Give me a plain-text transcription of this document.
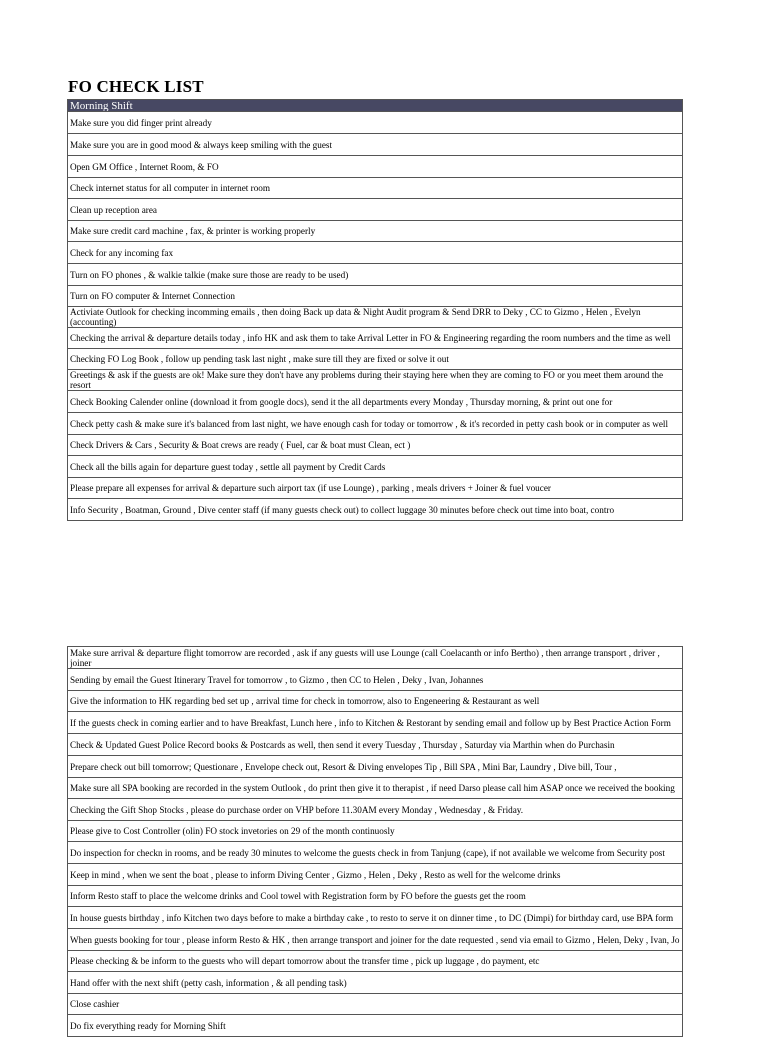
FO CHECK LIST
Morning Shift

Make sure you did finger print already

Make sure you are in good mood & always keep smiling with the guest

Open GM Office , Internet Room, & FO

Check internet status for all computer in internet room

Clean up reception area

Make sure credit card machine , fax, & printer is working properly

Check for any incoming fax

Turn on FO phones , & walkie talkie (make sure those are ready to be used)

Turn on FO computer & Internet Connection

Activiate Outlook for checking incomming emails , then doing Back up data & Night Audit program & Send DRR to Deky , CC to Gizmo , Helen , Evelyn (accounting)

Checking the arrival & departure details today , info HK and ask them to take Arrival Letter in FO & Engineering regarding the room numbers and the time as well

Checking FO Log Book , follow up pending task last night , make sure till they are fixed or solve it out

Greetings & ask if the guests are ok! Make sure they don't have any problems during their staying here when they are coming to FO or you meet them around the resort

Check Booking Calender online (download it from google docs), send it the all departments every Monday , Thursday morning, & print out one for

Check petty cash & make sure it's balanced from last night, we have enough cash for today or tomorrow , & it's recorded in petty cash book or in computer as well

Check Drivers & Cars , Security & Boat crews are ready ( Fuel, car & boat must Clean, ect )

Check all the bills again for departure guest today , settle all payment by Credit Cards

Please prepare all expenses for arrival & departure such airport tax (if use Lounge) , parking , meals drivers + Joiner & fuel voucer

Info Security , Boatman, Ground , Dive center staff (if many guests check out) to collect luggage 30 minutes before check out time into boat, contro
Make sure arrival & departure flight tomorrow are recorded , ask if any guests will use Lounge (call Coelacanth or info Bertho) , then arrange transport , driver , joiner

Sending by email the Guest Itinerary Travel for tomorrow , to Gizmo , then CC to Helen , Deky , Ivan, Johannes

Give the information to HK regarding bed set up , arrival time for check in tomorrow, also to Engeneering & Restaurant as well

If the guests check in coming earlier and to have Breakfast, Lunch here , info to Kitchen & Restorant by sending email and follow up by Best Practice Action Form

Check & Updated Guest Police Record books & Postcards as well, then send it every Tuesday , Thursday , Saturday via Marthin when do Purchasin

Prepare check out bill tomorrow; Questionare , Envelope check out, Resort & Diving envelopes Tip , Bill SPA , Mini Bar, Laundry , Dive bill, Tour ,

Make sure all SPA booking are recorded in the system Outlook , do print then give it to therapist , if need Darso please call him ASAP once we received the booking

Checking the Gift Shop Stocks , please do purchase order on VHP before 11.30AM every Monday , Wednesday , & Friday.

Please give to Cost Controller (olin) FO stock invetories on 29 of the month continuosly

Do inspection for checkn in rooms, and be ready 30 minutes to welcome the guests check in from Tanjung (cape), if not available we welcome from Security post

Keep in mind , when we sent the boat , please to inform Diving Center , Gizmo , Helen , Deky , Resto as well for the welcome drinks

Inform Resto staff to place the welcome drinks and Cool towel with Registration form by FO before the guests get the room

In house guests birthday , info Kitchen two days before to make a birthday cake , to resto to serve it on dinner time , to DC (Dimpi) for birthday card, use BPA form

When guests booking for tour , please inform Resto & HK , then arrange transport and joiner for the date requested , send via email to Gizmo , Helen, Deky , Ivan, Jo

Please checking & be inform to the guests who will depart tomorrow about the transfer time , pick up luggage , do payment, etc

Hand offer with the next shift (petty cash, information , & all pending task)

Close cashier

Do fix everything ready for Morning Shift
